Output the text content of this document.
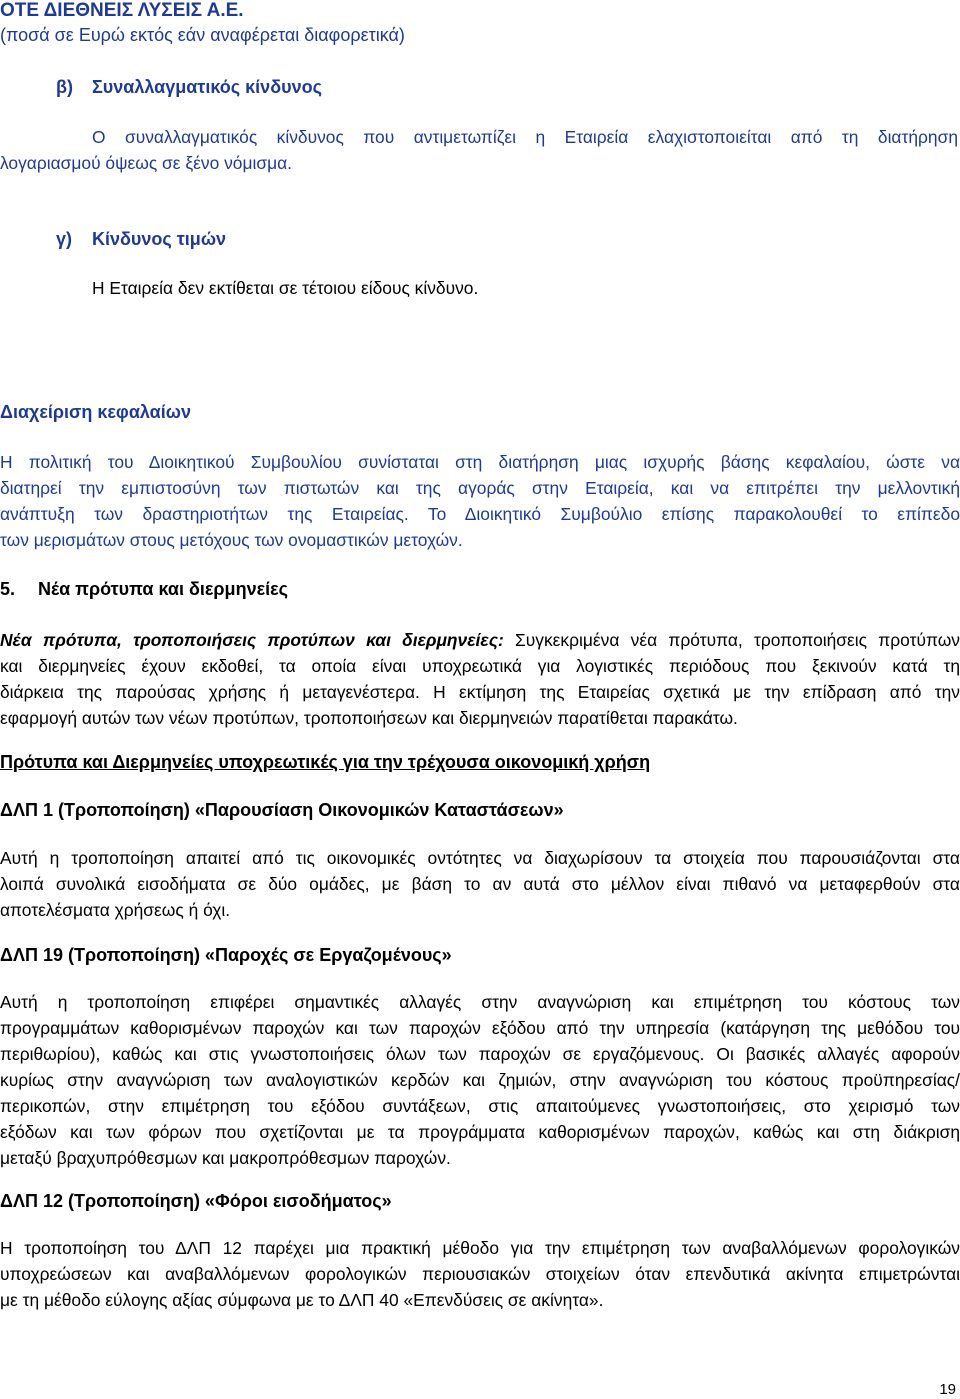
ΟΤΕ ΔΙΕΘΝΕΙΣ ΛΥΣΕΙΣ Α.Ε.
(ποσά σε Ευρώ εκτός εάν αναφέρεται διαφορετικά)
β) Συναλλαγματικός κίνδυνος
Ο συναλλαγματικός κίνδυνος που αντιμετωπίζει η Εταιρεία ελαχιστοποιείται από τη διατήρηση
λογαριασμού όψεως σε ξένο νόμισμα.
γ) Κίνδυνος τιμών
Η Εταιρεία δεν εκτίθεται σε τέτοιου είδους κίνδυνο.
Διαχείριση κεφαλαίων
Η πολιτική του Διοικητικού Συμβουλίου συνίσταται στη διατήρηση μιας ισχυρής βάσης κεφαλαίου, ώστε να
διατηρεί την εμπιστοσύνη των πιστωτών και της αγοράς στην Εταιρεία, και να επιτρέπει την μελλοντική
ανάπτυξη των δραστηριοτήτων της Εταιρείας. Το Διοικητικό Συμβούλιο επίσης παρακολουθεί το επίπεδο
των μερισμάτων στους μετόχους των ονομαστικών μετοχών.
5. Νέα πρότυπα και διερμηνείες
Νέα πρότυπα, τροποποιήσεις προτύπων και διερμηνείες: Συγκεκριμένα νέα πρότυπα, τροποποιήσεις προτύπων
και διερμηνείες έχουν εκδοθεί, τα οποία είναι υποχρεωτικά για λογιστικές περιόδους που ξεκινούν κατά τη
διάρκεια της παρούσας χρήσης ή μεταγενέστερα. Η εκτίμηση της Εταιρείας σχετικά με την επίδραση από την
εφαρμογή αυτών των νέων προτύπων, τροποποιήσεων και διερμηνειών παρατίθεται παρακάτω.
Πρότυπα και Διερμηνείες υποχρεωτικές για την τρέχουσα οικονομική χρήση
ΔΛΠ 1 (Τροποποίηση) «Παρουσίαση Οικονομικών Καταστάσεων»
Αυτή η τροποποίηση απαιτεί από τις οικονομικές οντότητες να διαχωρίσουν τα στοιχεία που παρουσιάζονται στα
λοιπά συνολικά εισοδήματα σε δύο ομάδες, με βάση το αν αυτά στο μέλλον είναι πιθανό να μεταφερθούν στα
αποτελέσματα χρήσεως ή όχι.
ΔΛΠ 19 (Τροποποίηση) «Παροχές σε Εργαζομένους»
Αυτή η τροποποίηση επιφέρει σημαντικές αλλαγές στην αναγνώριση και επιμέτρηση του κόστους των
προγραμμάτων καθορισμένων παροχών και των παροχών εξόδου από την υπηρεσία (κατάργηση της μεθόδου του
περιθωρίου), καθώς και στις γνωστοποιήσεις όλων των παροχών σε εργαζόμενους. Οι βασικές αλλαγές αφορούν
κυρίως στην αναγνώριση των αναλογιστικών κερδών και ζημιών, στην αναγνώριση του κόστους προϋπηρεσίας/
περικοπών, στην επιμέτρηση του εξόδου συντάξεων, στις απαιτούμενες γνωστοποιήσεις, στο χειρισμό των
εξόδων και των φόρων που σχετίζονται με τα προγράμματα καθορισμένων παροχών, καθώς και στη διάκριση
μεταξύ βραχυπρόθεσμων και μακροπρόθεσμων παροχών.
ΔΛΠ 12 (Τροποποίηση) «Φόροι εισοδήματος»
Η τροποποίηση του ΔΛΠ 12 παρέχει μια πρακτική μέθοδο για την επιμέτρηση των αναβαλλόμενων φορολογικών
υποχρεώσεων και αναβαλλόμενων φορολογικών περιουσιακών στοιχείων όταν επενδυτικά ακίνητα επιμετρώνται
με τη μέθοδο εύλογης αξίας σύμφωνα με το ΔΛΠ 40 «Επενδύσεις σε ακίνητα».
19
